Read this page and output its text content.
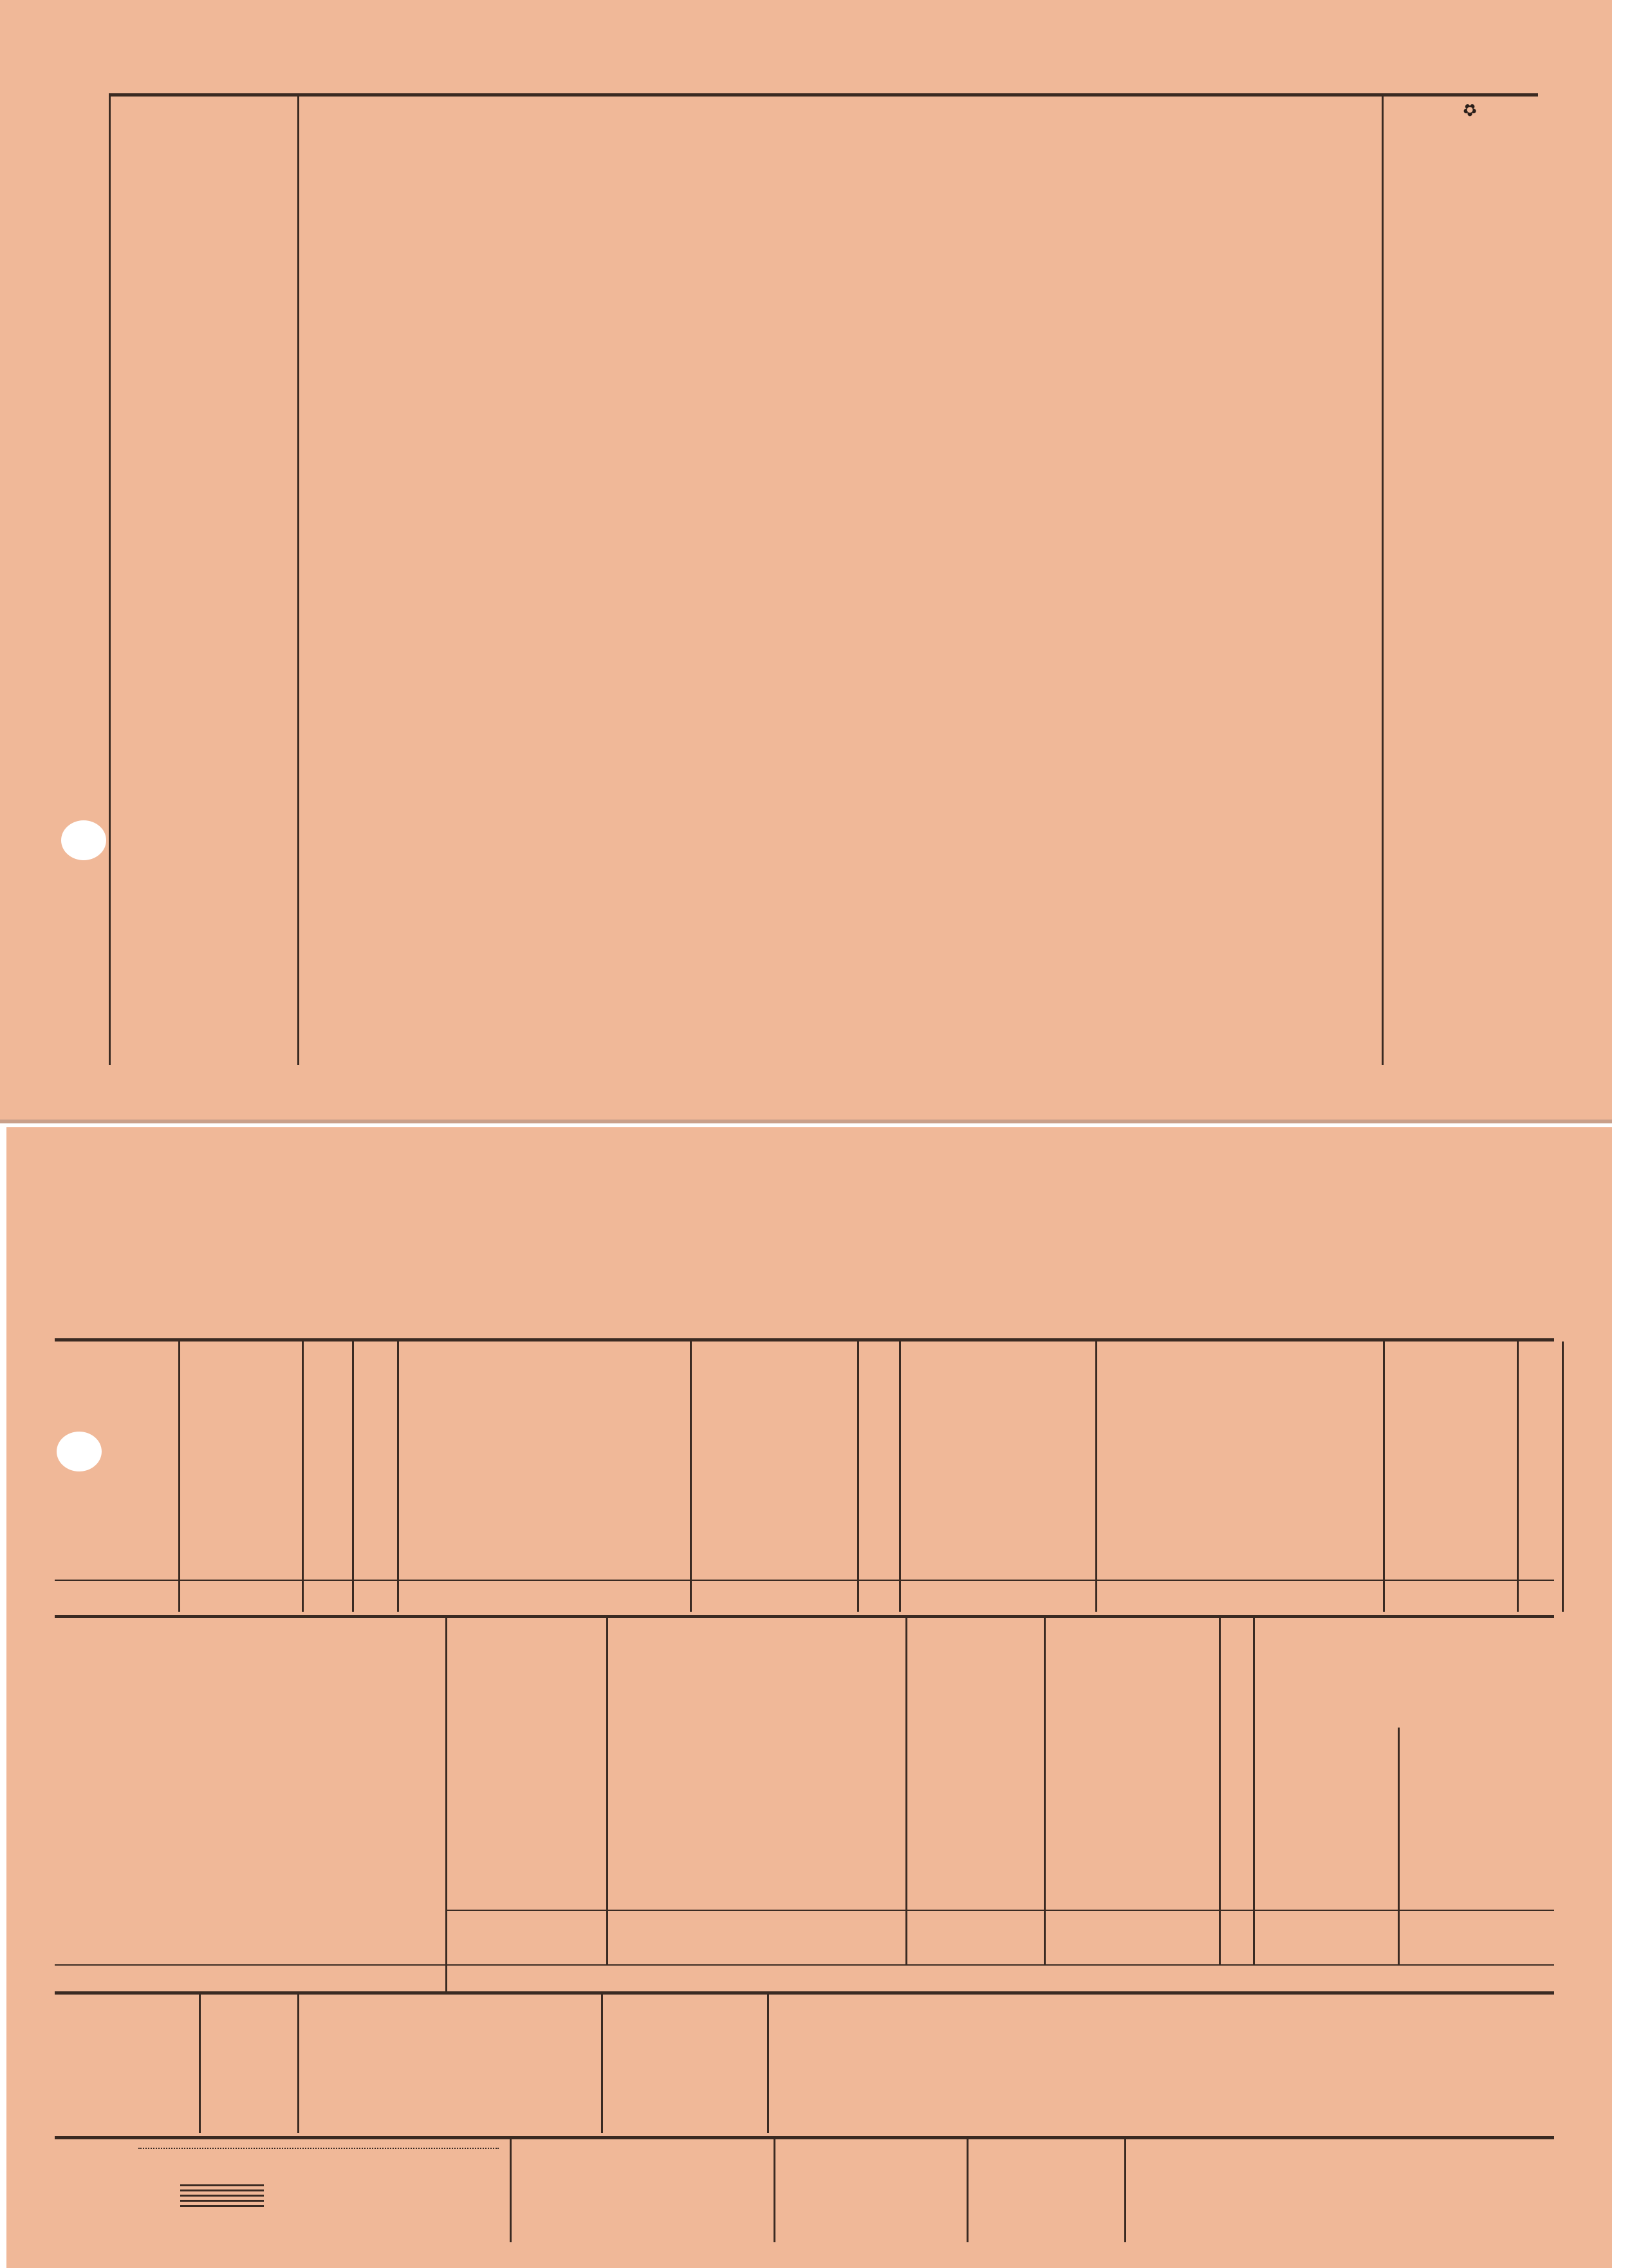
✿
